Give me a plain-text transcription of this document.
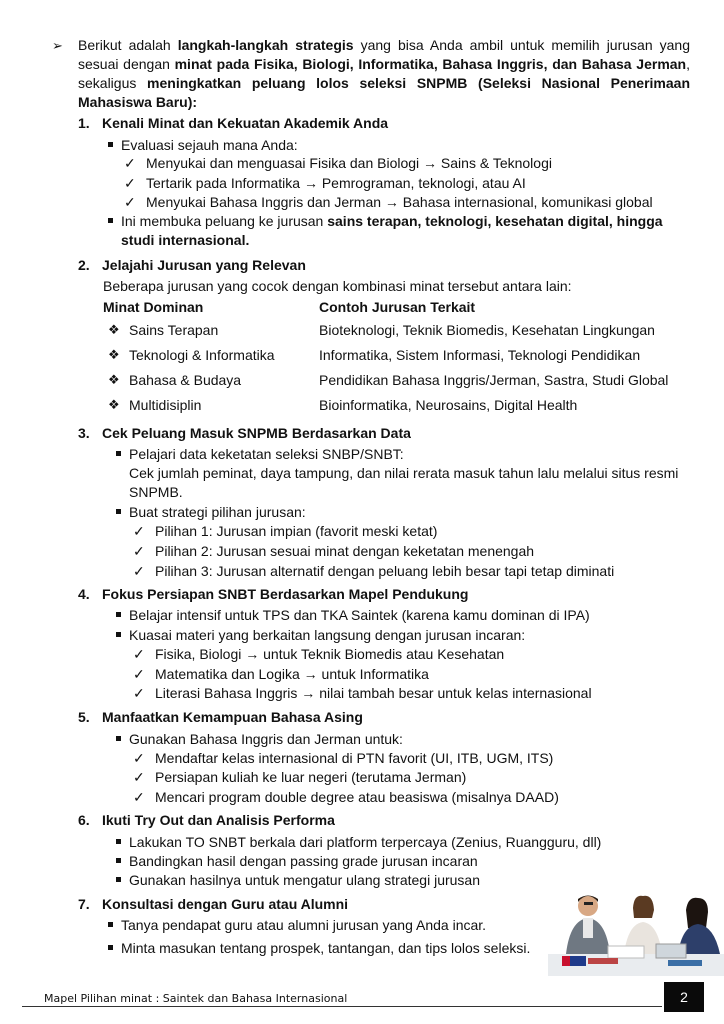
➢ Berikut adalah langkah-langkah strategis yang bisa Anda ambil untuk memilih jurusan yang sesuai dengan minat pada Fisika, Biologi, Informatika, Bahasa Inggris, dan Bahasa Jerman, sekaligus meningkatkan peluang lolos seleksi SNPMB (Seleksi Nasional Penerimaan Mahasiswa Baru):
1. Kenali Minat dan Kekuatan Akademik Anda
Evaluasi sejauh mana Anda:
✓ Menyukai dan menguasai Fisika dan Biologi → Sains & Teknologi
✓ Tertarik pada Informatika → Pemrograman, teknologi, atau AI
✓ Menyukai Bahasa Inggris dan Jerman → Bahasa internasional, komunikasi global
Ini membuka peluang ke jurusan sains terapan, teknologi, kesehatan digital, hingga
studi internasional.
2. Jelajahi Jurusan yang Relevan
Beberapa jurusan yang cocok dengan kombinasi minat tersebut antara lain:
Minat Dominan	Contoh Jurusan Terkait
❖ Sains Terapan	Bioteknologi, Teknik Biomedis, Kesehatan Lingkungan
❖ Teknologi & Informatika	Informatika, Sistem Informasi, Teknologi Pendidikan
❖ Bahasa & Budaya	Pendidikan Bahasa Inggris/Jerman, Sastra, Studi Global
❖ Multidisiplin	Bioinformatika, Neurosains, Digital Health
3. Cek Peluang Masuk SNPMB Berdasarkan Data
Pelajari data keketatan seleksi SNBP/SNBT:
Cek jumlah peminat, daya tampung, dan nilai rerata masuk tahun lalu melalui situs resmi
SNPMB.
Buat strategi pilihan jurusan:
✓ Pilihan 1: Jurusan impian (favorit meski ketat)
✓ Pilihan 2: Jurusan sesuai minat dengan keketatan menengah
✓ Pilihan 3: Jurusan alternatif dengan peluang lebih besar tapi tetap diminati
4. Fokus Persiapan SNBT Berdasarkan Mapel Pendukung
Belajar intensif untuk TPS dan TKA Saintek (karena kamu dominan di IPA)
Kuasai materi yang berkaitan langsung dengan jurusan incaran:
✓ Fisika, Biologi → untuk Teknik Biomedis atau Kesehatan
✓ Matematika dan Logika → untuk Informatika
✓ Literasi Bahasa Inggris → nilai tambah besar untuk kelas internasional
5. Manfaatkan Kemampuan Bahasa Asing
Gunakan Bahasa Inggris dan Jerman untuk:
✓ Mendaftar kelas internasional di PTN favorit (UI, ITB, UGM, ITS)
✓ Persiapan kuliah ke luar negeri (terutama Jerman)
✓ Mencari program double degree atau beasiswa (misalnya DAAD)
6. Ikuti Try Out dan Analisis Performa
Lakukan TO SNBT berkala dari platform terpercaya (Zenius, Ruangguru, dll)
Bandingkan hasil dengan passing grade jurusan incaran
Gunakan hasilnya untuk mengatur ulang strategi jurusan
7. Konsultasi dengan Guru atau Alumni
Tanya pendapat guru atau alumni jurusan yang Anda incar.
Minta masukan tentang prospek, tantangan, dan tips lolos seleksi.
Mapel Pilihan minat : Saintek dan Bahasa Internasional	2
